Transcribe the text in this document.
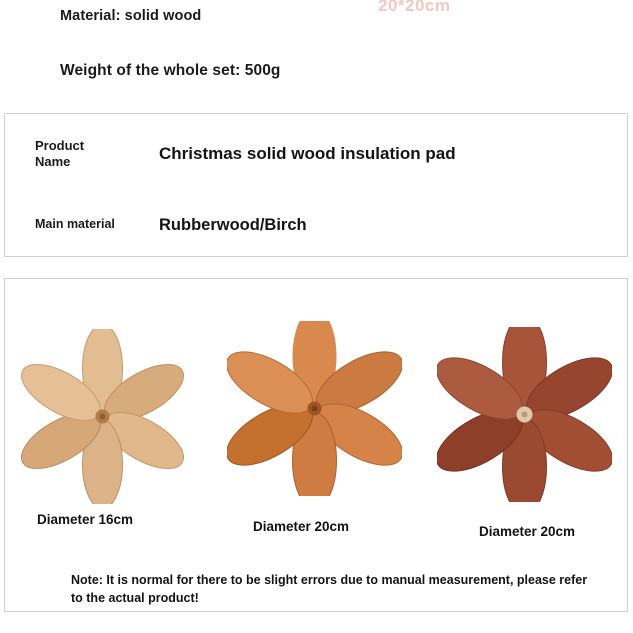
20*20cm
Material: solid wood
Weight of the whole set: 500g
Product
Name	Christmas solid wood insulation pad
Main material	Rubberwood/Birch
Diameter 16cm	Diameter 20cm	Diameter 20cm
Note: It is normal for there to be slight errors due to manual measurement, please refer to the actual product!
